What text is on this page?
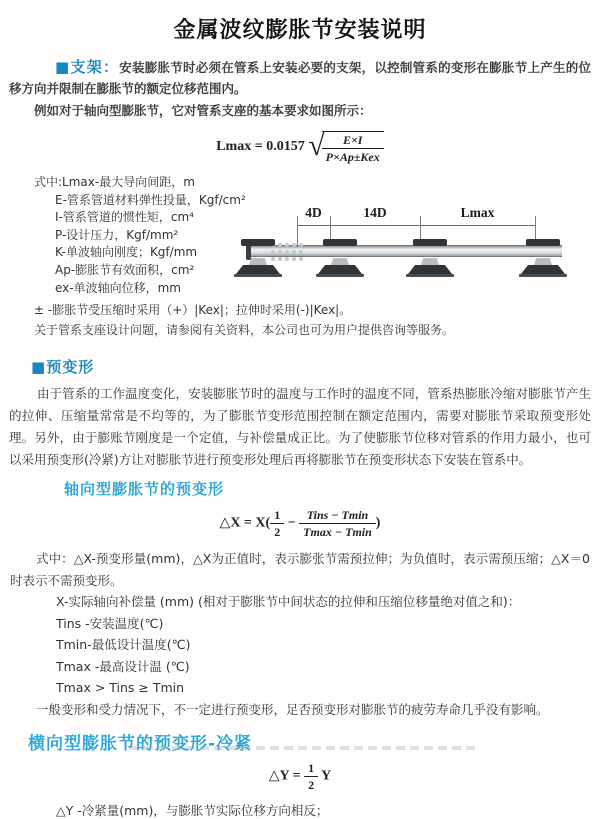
金属波纹膨胀节安装说明

■支架：安装膨胀节时必须在管系上安装必要的支架，以控制管系的变形在膨胀节上产生的位移方向并限制在膨胀节的额定位移范围内。

例如对于轴向型膨胀节，它对管系支座的基本要求如图所示：

Lmax = 0.0157 √
$\frac{E\times I}{\text{P×Ap±Kex}}$
式中:Lmax-最大导向间距，m
E-管系管道材料弹性投量，Kgf/cm²
I-管系管道的惯性矩，cm⁴
P-设计压力，Kgf/mm²
K-单波轴向刚度；Kgf/mm
Ap-膨胀节有效面积，cm²
ex-单波轴向位移，mm
± -膨胀节受压缩时采用（+）|Kex|；拉伸时采用(-)|Kex|。
关于管系支座设计问题，请参阅有关资料，本公司也可为用户提供咨询等服务。
4D	14D	Lmax
■预变形

由于管系的工作温度变化，安装膨胀节时的温度与工作时的温度不同，管系热膨胀冷缩对膨胀节产生的拉伸、压缩量常常是不均等的，为了膨胀节变形范围控制在额定范围内，需要对膨胀节采取预变形处理。另外，由于膨账节刚度是一个定值，与补偿量成正比。为了使膨胀节位移对管系的作用力最小，也可以采用预变形(冷紧)方让对膨胀节进行预变形处理后再将膨胀节在预变形状态下安装在管系中。

轴向型膨胀节的预变形
△X = $X( \frac{1}{2} - \frac{\text{Tins − Tmin}}{Tmax - Tmin}$ )

式中：△X-预变形量(mm)，△X为正值时，表示膨张节需预拉伸；为负值时，表示需预压缩；△X＝0时表示不需预变形。

X-实际轴向补偿量 (mm) (相对于膨胀节中间状态的拉伸和压缩位移量绝对值之和)：
Tins -安装温度(℃)
Tmin-最低设计温度(℃)
Tmax -最高设计温 (℃)
Tmax > Tins ≥ Tmin

一般变形和受力情况下，不一定进行预变形，足否预变形对膨胀节的疲劳寿命几乎没有影响。

横向型膨胀节的预变形-冷紧
△Y = $\frac{1}{2}$ Y
△Y -冷紧量(mm)，与膨胀节实际位移方向相反；
